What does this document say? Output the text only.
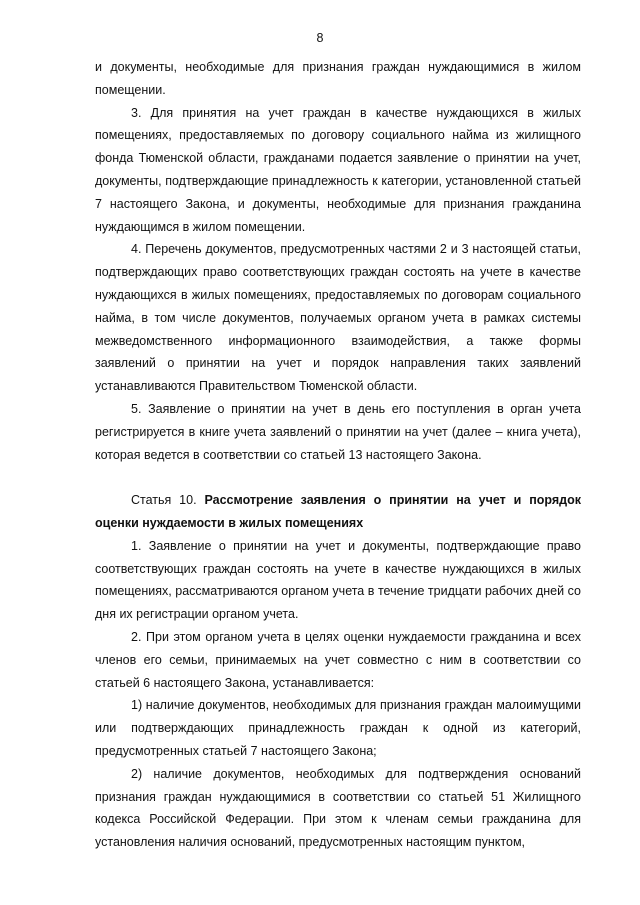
8

и документы, необходимые для признания граждан нуждающимися в жилом помещении.

3. Для принятия на учет граждан в качестве нуждающихся в жилых помещениях, предоставляемых по договору социального найма из жилищного фонда Тюменской области, гражданами подается заявление о принятии на учет, документы, подтверждающие принадлежность к категории, установленной статьей 7 настоящего Закона, и документы, необходимые для признания гражданина нуждающимся в жилом помещении.

4. Перечень документов, предусмотренных частями 2 и 3 настоящей статьи, подтверждающих право соответствующих граждан состоять на учете в качестве нуждающихся в жилых помещениях, предоставляемых по договорам социального найма, в том числе документов, получаемых органом учета в рамках системы межведомственного информационного взаимодействия, а также формы заявлений о принятии на учет и порядок направления таких заявлений устанавливаются Правительством Тюменской области.

5. Заявление о принятии на учет в день его поступления в орган учета регистрируется в книге учета заявлений о принятии на учет (далее – книга учета), которая ведется в соответствии со статьей 13 настоящего Закона.

Статья 10. Рассмотрение заявления о принятии на учет и порядок оценки нуждаемости в жилых помещениях

1. Заявление о принятии на учет и документы, подтверждающие право соответствующих граждан состоять на учете в качестве нуждающихся в жилых помещениях, рассматриваются органом учета в течение тридцати рабочих дней со дня их регистрации органом учета.

2. При этом органом учета в целях оценки нуждаемости гражданина и всех членов его семьи, принимаемых на учет совместно с ним в соответствии со статьей 6 настоящего Закона, устанавливается:

1) наличие документов, необходимых для признания граждан малоимущими или подтверждающих принадлежность граждан к одной из категорий, предусмотренных статьей 7 настоящего Закона;

2) наличие документов, необходимых для подтверждения оснований признания граждан нуждающимися в соответствии со статьей 51 Жилищного кодекса Российской Федерации. При этом к членам семьи гражданина для установления наличия оснований, предусмотренных настоящим пунктом,
